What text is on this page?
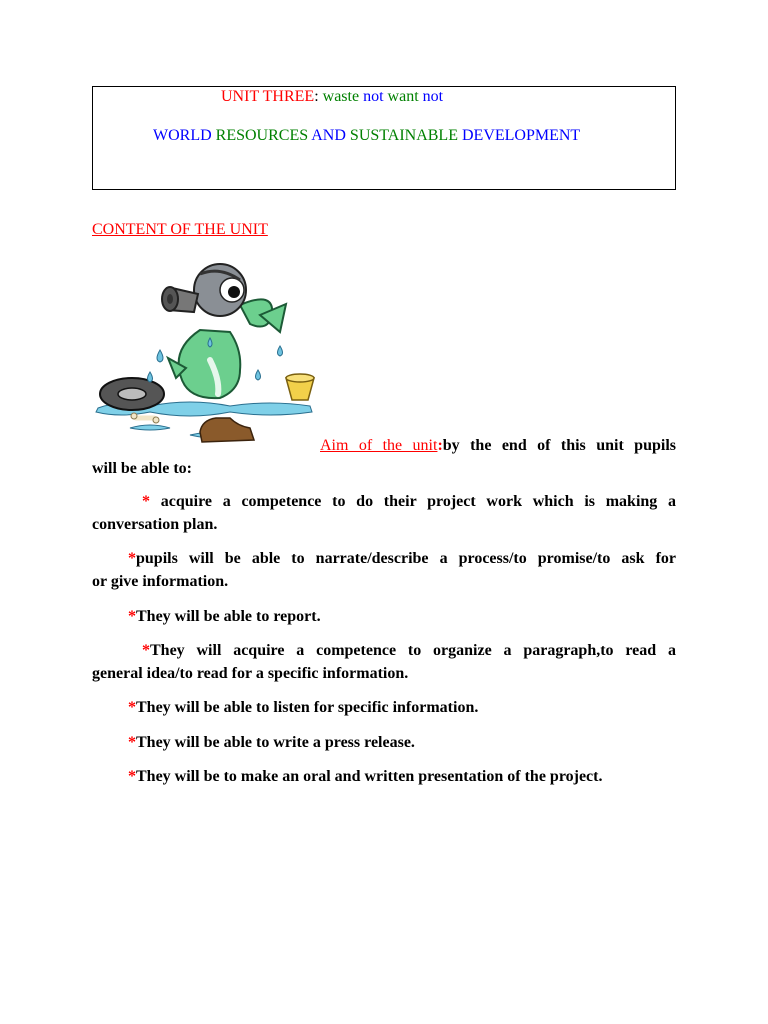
UNIT THREE: waste not want not
WORLD RESOURCES AND SUSTAINABLE DEVELOPMENT
CONTENT OF THE UNIT
Aim of the unit:by the end of this unit pupils
will be able to:
* acquire a competence to do their project work which is making a
conversation plan.
*pupils will be able to narrate/describe a process/to promise/to ask for
or give information.
*They will be able to report.
*They will acquire a competence to organize a paragraph,to read a
general idea/to read for a specific information.
*They will be able to listen for specific information.
*They will be able to write a press release.
*They will be to make an oral and written presentation of the project.
